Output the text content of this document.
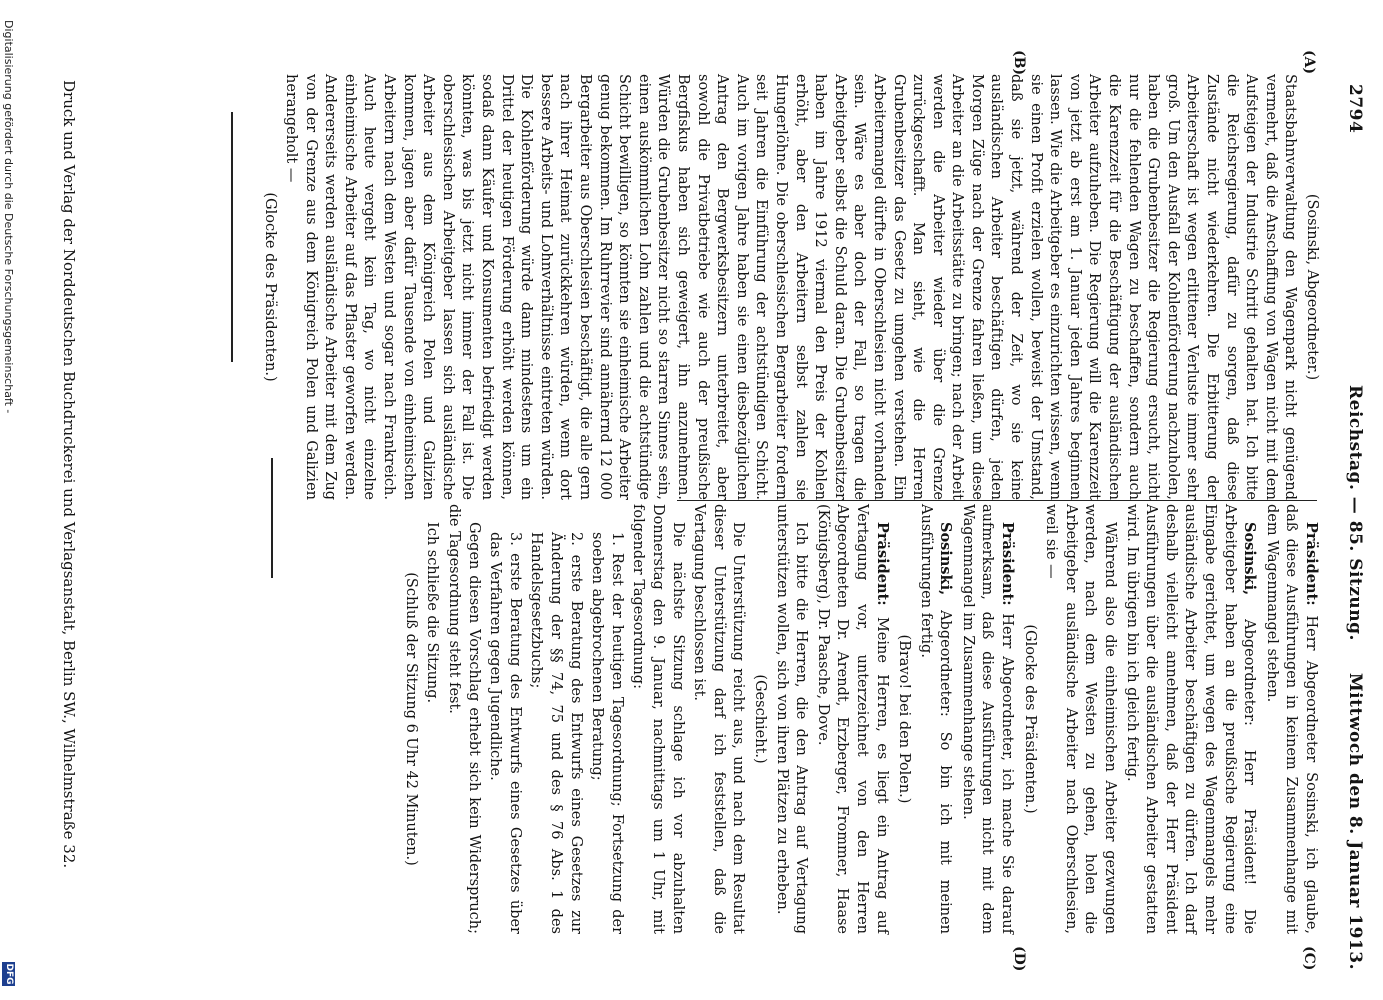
2794
Reichstag. — 85. Sitzung.
Mittwoch den 8. Januar 1913.
(A)
(B)
(C)
(D)

(Sosinski, Abgeordneter.)

Staatsbahnverwaltung den Wagenpark nicht genügend vermehrt, daß die Anschaffung von Wagen nicht mit dem Aufsteigen der Industrie Schritt gehalten hat. Ich bitte die Reichsregierung, dafür zu sorgen, daß diese Zustände nicht wiederkehren. Die Erbitterung der Arbeiterschaft ist wegen erlittener Verluste immer sehr groß. Um den Ausfall der Kohlenförderung nachzuholen, haben die Grubenbesitzer die Regierung ersucht, nicht nur die fehlenden Wagen zu beschaffen, sondern auch die Karenzzeit für die Beschäftigung der ausländischen Arbeiter aufzuheben. Die Regierung will die Karenzzeit von jetzt ab erst am 1. Januar jeden Jahres beginnen lassen. Wie die Arbeitgeber es einzurichten wissen, wenn sie einen Profit erzielen wollen, beweist der Umstand, daß sie jetzt, während der Zeit, wo sie keine ausländischen Arbeiter beschäftigen dürfen, jeden Morgen Züge nach der Grenze fahren ließen, um diese Arbeiter an die Arbeitsstätte zu bringen; nach der Arbeit werden die Arbeiter wieder über die Grenze zurückgeschafft. Man sieht, wie die Herren Grubenbesitzer das Gesetz zu umgehen verstehen. Ein Arbeitermangel dürfte in Oberschlesien nicht vorhanden sein. Wäre es aber doch der Fall, so tragen die Arbeitgeber selbst die Schuld daran. Die Grubenbesitzer haben im Jahre 1912 viermal den Preis der Kohlen erhöht, aber den Arbeitern selbst zahlen sie Hungerlöhne. Die oberschlesischen Bergarbeiter fordern seit Jahren die Einführung der achtstündigen Schicht. Auch im vorigen Jahre haben sie einen diesbezüglichen Antrag den Bergwerksbesitzern unterbreitet, aber sowohl die Privatbetriebe wie auch der preußische Bergfiskus haben sich geweigert, ihn anzunehmen. Würden die Grubenbesitzer nicht so starren Sinnes sein, einen auskömmlichen Lohn zahlen und die achtstündige Schicht bewilligen, so könnten sie einheimische Arbeiter genug bekommen. Im Ruhrrevier sind annähernd 12 000 Bergarbeiter aus Oberschlesien beschäftigt, die alle gern nach ihrer Heimat zurückkehren würden, wenn dort bessere Arbeits- und Lohnverhältnisse eintreten würden. Die Kohlenförderung würde dann mindestens um ein Drittel der heutigen Förderung erhöht werden können, sodaß dann Käufer und Konsumenten befriedigt werden könnten, was bis jetzt nicht immer der Fall ist. Die oberschlesischen Arbeitgeber lassen sich ausländische Arbeiter aus dem Königreich Polen und Galizien kommen, jagen aber dafür Tausende von einheimischen Arbeitern nach dem Westen und sogar nach Frankreich. Auch heute vergeht kein Tag, wo nicht einzelne einheimische Arbeiter auf das Pflaster geworfen werden. Andererseits werden ausländische Arbeiter mit dem Zug von der Grenze aus dem Königreich Polen und Galizien herangeholt —

(Glocke des Präsidenten.)

Präsident: Herr Abgeordneter Sosinski, ich glaube, daß diese Ausführungen in keinem Zusammenhange mit dem Wagenmangel stehen.

Sosinski, Abgeordneter: Herr Präsident! Die Arbeitgeber haben an die preußische Regierung eine Eingabe gerichtet, um wegen des Wagenmangels mehr ausländische Arbeiter beschäftigen zu dürfen. Ich darf deshalb vielleicht annehmen, daß der Herr Präsident Ausführungen über die ausländischen Arbeiter gestatten wird. Im übrigen bin ich gleich fertig.

Während also die einheimischen Arbeiter gezwungen werden, nach dem Westen zu gehen, holen die Arbeitgeber ausländische Arbeiter nach Oberschlesien, weil sie —

(Glocke des Präsidenten.)

Präsident: Herr Abgeordneter, ich mache Sie darauf aufmerksam, daß diese Ausführungen nicht mit dem Wagenmangel im Zusammenhange stehen.

Sosinski, Abgeordneter: So bin ich mit meinen Ausführungen fertig.

(Bravo! bei den Polen.)

Präsident: Meine Herren, es liegt ein Antrag auf Vertagung vor, unterzeichnet von den Herren Abgeordneten Dr. Arendt, Erzberger, Frommer, Haase (Königsberg), Dr. Paasche, Dove.

Ich bitte die Herren, die den Antrag auf Vertagung unterstützen wollen, sich von ihren Plätzen zu erheben.

(Geschieht.)

Die Unterstützung reicht aus, und nach dem Resultat dieser Unterstützung darf ich feststellen, daß die Vertagung beschlossen ist.

Die nächste Sitzung schlage ich vor abzuhalten Donnerstag den 9. Januar, nachmittags um 1 Uhr, mit folgender Tagesordnung:

1. Rest der heutigen Tagesordnung; Fortsetzung der soeben abgebrochenen Beratung;

2. erste Beratung des Entwurfs eines Gesetzes zur Änderung der §§ 74, 75 und des § 76 Abs. 1 des Handelsgesetzbuchs;

3. erste Beratung des Entwurfs eines Gesetzes über das Verfahren gegen Jugendliche.

Gegen diesen Vorschlag erhebt sich kein Widerspruch; die Tagesordnung steht fest.

Ich schließe die Sitzung.

(Schluß der Sitzung 6 Uhr 42 Minuten.)

Druck und Verlag der Norddeutschen Buchdruckerei und Verlagsanstalt, Berlin SW., Wilhelmstraße 32.
Digitalisierung gefördert durch die Deutsche Forschungsgemeinschaft -
DFG
